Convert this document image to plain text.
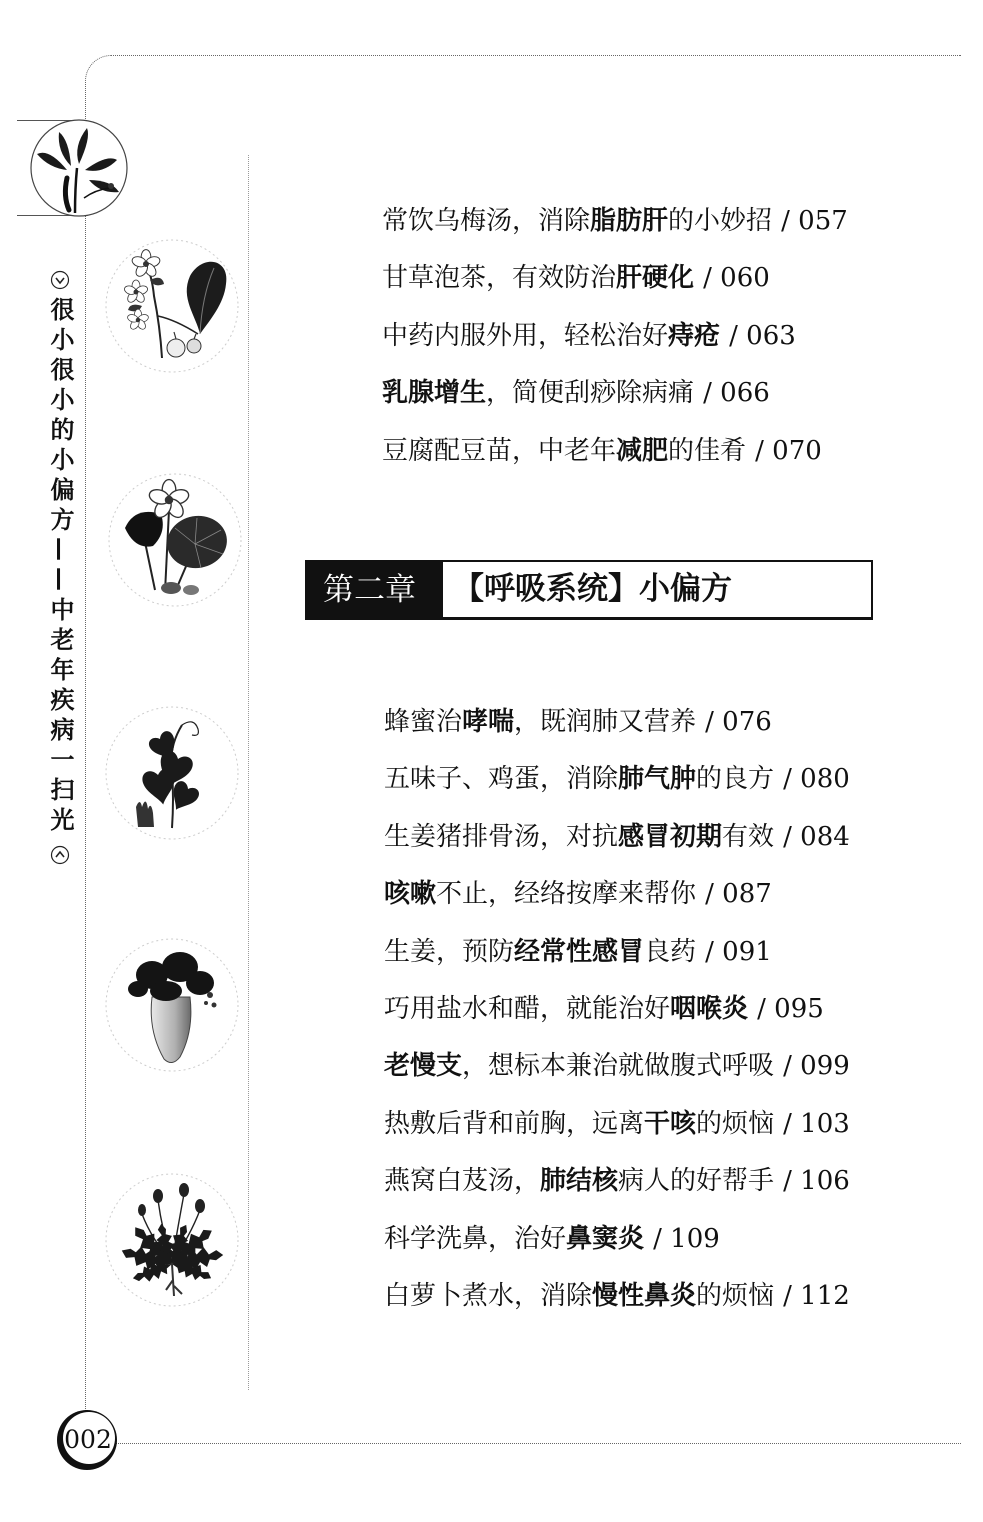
很小很小的小偏方——中老年疾病一扫光
常饮乌梅汤，消除脂肪肝的小妙招 / 057
甘草泡茶，有效防治肝硬化 / 060
中药内服外用，轻松治好痔疮 / 063
乳腺增生，简便刮痧除病痛 / 066
豆腐配豆苗，中老年减肥的佳肴 / 070
第二章	【呼吸系统】小偏方
蜂蜜治哮喘，既润肺又营养 / 076
五味子、鸡蛋，消除肺气肿的良方 / 080
生姜猪排骨汤，对抗感冒初期有效 / 084
咳嗽不止，经络按摩来帮你 / 087
生姜，预防经常性感冒良药 / 091
巧用盐水和醋，就能治好咽喉炎 / 095
老慢支，想标本兼治就做腹式呼吸 / 099
热敷后背和前胸，远离干咳的烦恼 / 103
燕窝白芨汤，肺结核病人的好帮手 / 106
科学洗鼻，治好鼻窦炎 / 109
白萝卜煮水，消除慢性鼻炎的烦恼 / 112
002
